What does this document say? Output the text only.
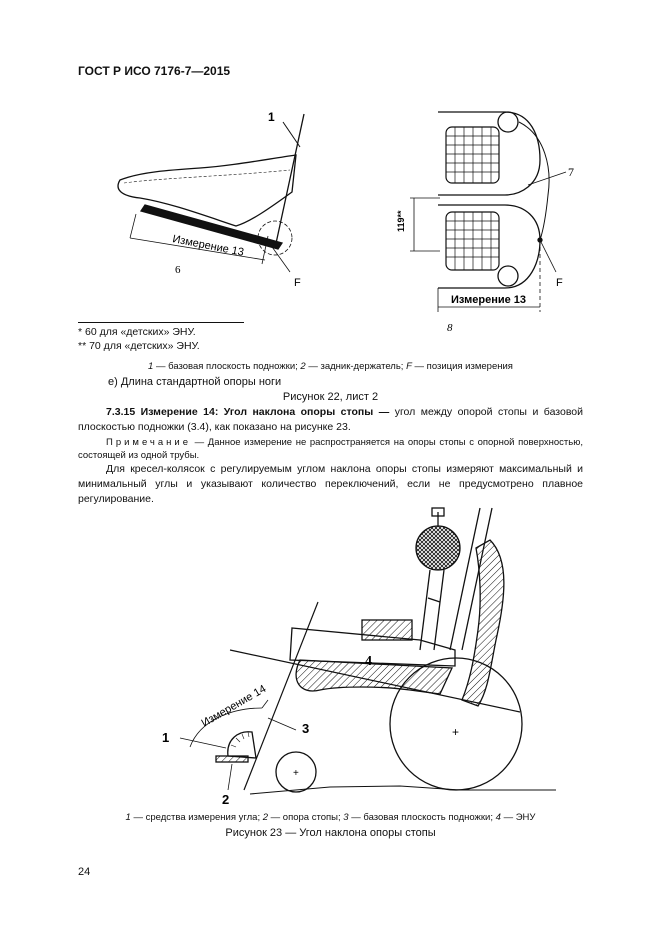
ГОСТ Р ИСО 7176-7—2015
1
F
Измерение 13
6
119**
7
F
Измерение 13
8
* 60 для «детских» ЭНУ.
** 70 для «детских» ЭНУ.
1 — базовая плоскость подножки; 2 — задник-держатель; F — позиция измерения
е) Длина стандартной опоры ноги
Рисунок 22, лист 2
7.3.15 Измерение 14: Угол наклона опоры стопы — угол между опорой стопы и базовой плоскостью подножки (3.4), как показано на рисунке 23.
Примечание — Данное измерение не распространяется на опоры стопы с опорной поверхностью, состоящей из одной трубы.
Для кресел-колясок с регулируемым углом наклона опоры стопы измеряют максимальный и минимальный углы и указывают количество переключений, если не предусмотрено плавное регулирование.
Измерение 14
1
2
3
4
+
+
1 — средства измерения угла; 2 — опора стопы; 3 — базовая плоскость подножки; 4 — ЭНУ
Рисунок 23 — Угол наклона опоры стопы
24
